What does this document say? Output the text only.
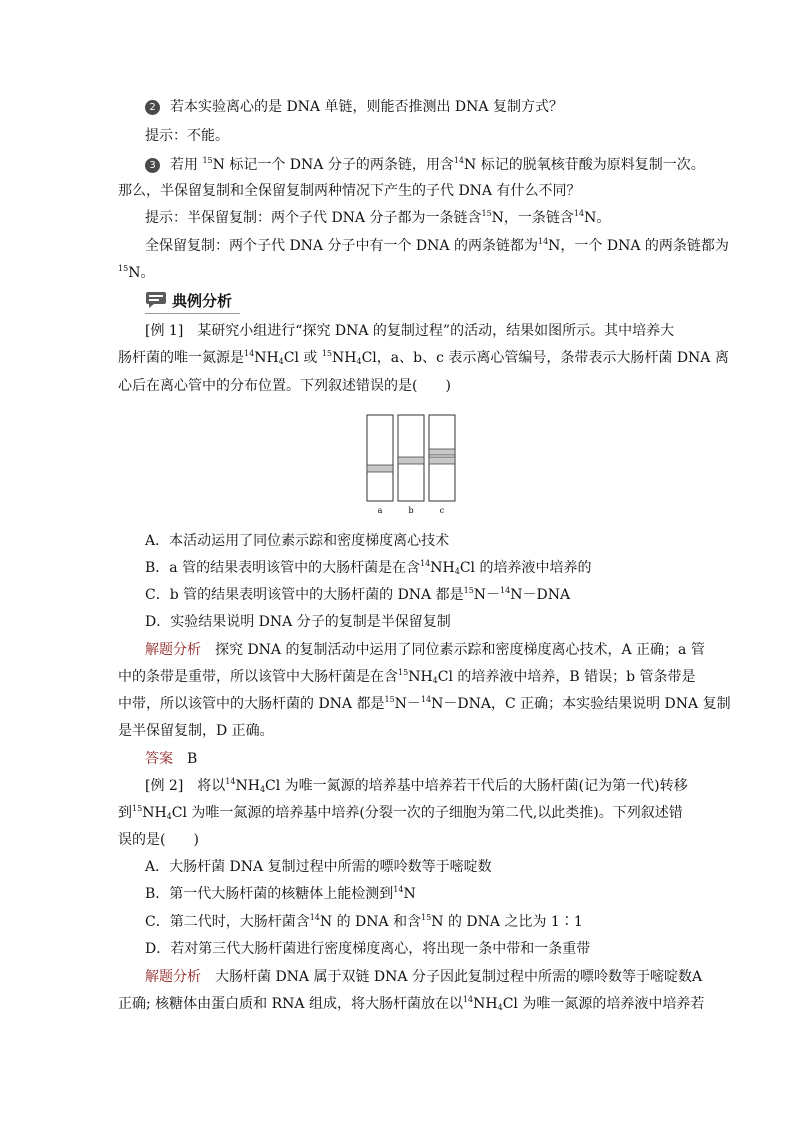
2 若本实验离心的是 DNA 单链，则能否推测出 DNA 复制方式？
提示：不能。
3 若用 $^{15}$N 标记一个 DNA 分子的两条链，用含$^{14}$N 标记的脱氧核苷酸为原料复制一次。
那么，半保留复制和全保留复制两种情况下产生的子代 DNA 有什么不同？
提示：半保留复制：两个子代 DNA 分子都为一条链含$^{15}$N，一条链含$^{14}$N。
全保留复制：两个子代 DNA 分子中有一个 DNA 的两条链都为$^{14}$N，一个 DNA 的两条链都为
$^{15}$N。
典例分析
[例 1]　某研究小组进行“探究 DNA 的复制过程”的活动，结果如图所示。其中培养大
肠杆菌的唯一氮源是$^{14}NH_4Cl$ 或 $^{15}NH_4Cl$，a、b、c 表示离心管编号，条带表示大肠杆菌 DNA 离
心后在离心管中的分布位置。下列叙述错误的是(　　)
a	b	c
A．本活动运用了同位素示踪和密度梯度离心技术
B．a 管的结果表明该管中的大肠杆菌是在含$^{14}NH_4Cl$ 的培养液中培养的
C．b 管的结果表明该管中的大肠杆菌的 DNA 都是$^{15}$N－$^{14}$N－DNA
D．实验结果说明 DNA 分子的复制是半保留复制
解题分析　探究 DNA 的复制活动中运用了同位素示踪和密度梯度离心技术，A 正确；a 管
中的条带是重带，所以该管中大肠杆菌是在含$^{15}NH_4Cl$ 的培养液中培养，B 错误；b 管条带是
中带，所以该管中的大肠杆菌的 DNA 都是$^{15}$N－$^{14}$N－DNA，C 正确；本实验结果说明 DNA 复制
是半保留复制，D 正确。
答案　B
[例 2]　将以$^{14}NH_4Cl$ 为唯一氮源的培养基中培养若干代后的大肠杆菌(记为第一代)转移
到$^{15}NH_4Cl$ 为唯一氮源的培养基中培养(分裂一次的子细胞为第二代,以此类推)。下列叙述错
误的是(　　)
A．大肠杆菌 DNA 复制过程中所需的嘌呤数等于嘧啶数
B．第一代大肠杆菌的核糖体上能检测到$^{14}$N
C．第二代时，大肠杆菌含$^{14}$N 的 DNA 和含$^{15}$N 的 DNA 之比为 1∶1
D．若对第三代大肠杆菌进行密度梯度离心，将出现一条中带和一条重带
解题分析　大肠杆菌 DNA 属于双链 DNA 分子因此复制过程中所需的嘌呤数等于嘧啶数A
正确; 核糖体由蛋白质和 RNA 组成，将大肠杆菌放在以$^{14}NH_4Cl$ 为唯一氮源的培养液中培养若
